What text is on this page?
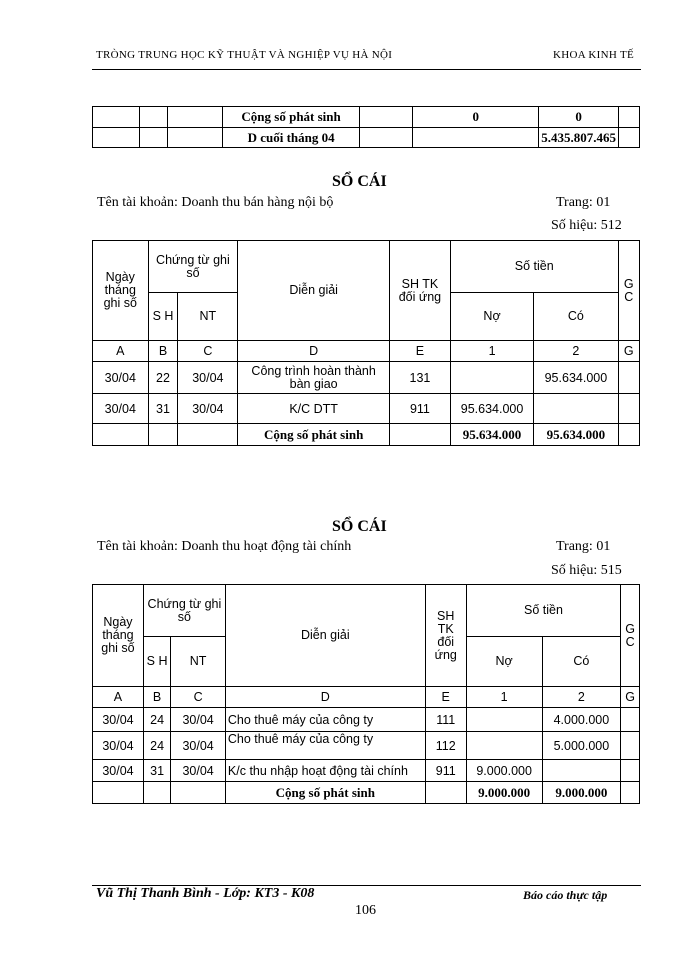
TRÒNG TRUNG HỌC KỸ THUẬT VÀ NGHIỆP VỤ HÀ NỘI	KHOA KINH TẾ
			Cộng số phát sinh		0	0	
			D cuối tháng 04			5.435.807.465	
SỔ CÁI
Tên tài khoản: Doanh thu bán hàng nội bộ	Trang: 01
Số hiệu: 512
Ngày tháng ghi số	Chứng từ ghi số		Diễn giải	SH TK đối ứng	Số tiền		G C
	S H	NT			Nợ	Có	
A	B	C	D	E	1	2	G
30/04	22	30/04	Công trình hoàn thành bàn giao	131		95.634.000	
30/04	31	30/04	K/C DTT	911	95.634.000		
			Cộng số phát sinh		95.634.000	95.634.000	
SỔ CÁI
Tên tài khoản: Doanh thu hoạt động tài chính	Trang: 01
Số hiệu: 515
Ngày tháng ghi số	Chứng từ ghi số		Diễn giải	SH TK đối ứng	Số tiền		G C
	S H	NT			Nợ	Có	
A	B	C	D	E	1	2	G
30/04	24	30/04	Cho thuê máy của công ty	111		4.000.000	
30/04	24	30/04	Cho thuê máy của công ty	112		5.000.000	
30/04	31	30/04	K/c thu nhập hoạt động tài chính	911	9.000.000		
			Cộng số phát sinh		9.000.000	9.000.000	
Vũ Thị Thanh Bình - Lớp: KT3 - K08	Báo cáo thực tập
106
